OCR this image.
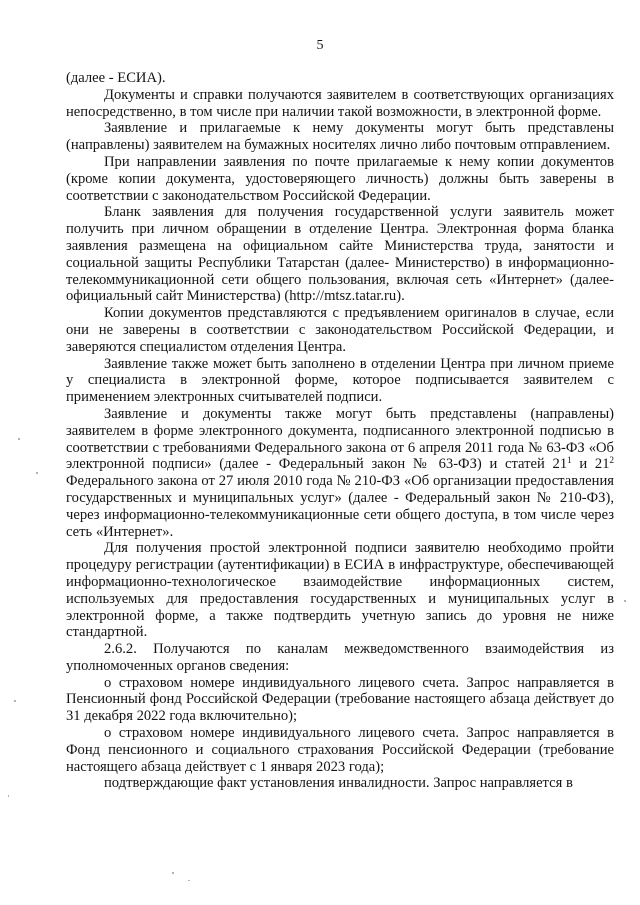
5

(далее - ЕСИА).

Документы и справки получаются заявителем в соответствующих организациях непосредственно, в том числе при наличии такой возможности, в электронной форме.

Заявление и прилагаемые к нему документы могут быть представлены (направлены) заявителем на бумажных носителях лично либо почтовым отправлением.

При направлении заявления по почте прилагаемые к нему копии документов (кроме копии документа, удостоверяющего личность) должны быть заверены в соответствии с законодательством Российской Федерации.

Бланк заявления для получения государственной услуги заявитель может получить при личном обращении в отделение Центра. Электронная форма бланка заявления размещена на официальном сайте Министерства труда, занятости и социальной защиты Республики Татарстан (далее- Министерство) в информационно-телекоммуникационной сети общего пользования, включая сеть «Интернет» (далее-официальный сайт Министерства) (http://mtsz.tatar.ru).

Копии документов представляются с предъявлением оригиналов в случае, если они не заверены в соответствии с законодательством Российской Федерации, и заверяются специалистом отделения Центра.

Заявление также может быть заполнено в отделении Центра при личном приеме у специалиста в электронной форме, которое подписывается заявителем с применением электронных считывателей подписи.

Заявление и документы также могут быть представлены (направлены) заявителем в форме электронного документа, подписанного электронной подписью в соответствии с требованиями Федерального закона от 6 апреля 2011 года № 63-ФЗ «Об электронной подписи» (далее - Федеральный закон № 63-ФЗ) и статей $21^1$ и $21^2$ Федерального закона от 27 июля 2010 года № 210-ФЗ «Об организации предоставления государственных и муниципальных услуг» (далее - Федеральный закон № 210-ФЗ), через информационно-телекоммуникационные сети общего доступа, в том числе через сеть «Интернет».

Для получения простой электронной подписи заявителю необходимо пройти процедуру регистрации (аутентификации) в ЕСИА в инфраструктуре, обеспечивающей информационно-технологическое взаимодействие информационных систем, используемых для предоставления государственных и муниципальных услуг в электронной форме, а также подтвердить учетную запись до уровня не ниже стандартной.

2.6.2. Получаются по каналам межведомственного взаимодействия из уполномоченных органов сведения:

о страховом номере индивидуального лицевого счета. Запрос направляется в Пенсионный фонд Российской Федерации (требование настоящего абзаца действует до 31 декабря 2022 года включительно);

о страховом номере индивидуального лицевого счета. Запрос направляется в Фонд пенсионного и социального страхования Российской Федерации (требование настоящего абзаца действует с 1 января 2023 года);

подтверждающие факт установления инвалидности. Запрос направляется в
